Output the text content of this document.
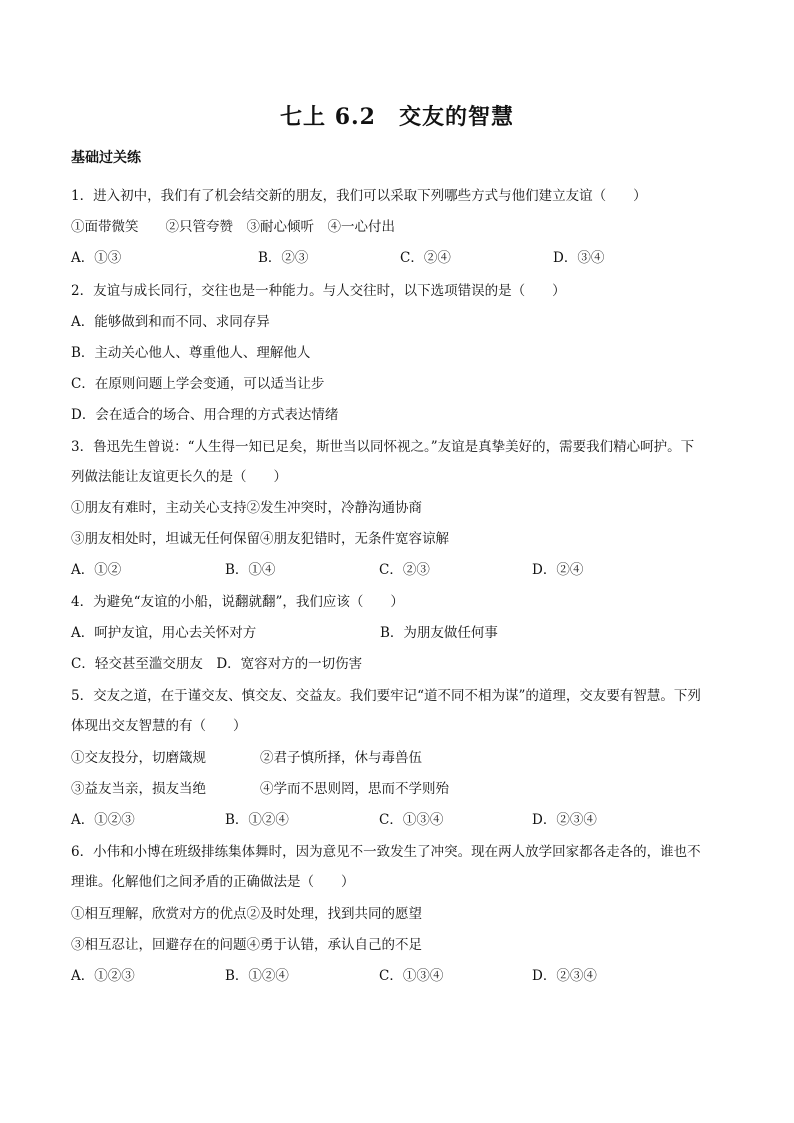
七上 6.2　交友的智慧
基础过关练
1．进入初中，我们有了机会结交新的朋友，我们可以采取下列哪些方式与他们建立友谊（　　）
①面带微笑　　②只管夸赞　③耐心倾听　④一心付出
A．①③	B．②③	C．②④	D．③④
2．友谊与成长同行，交往也是一种能力。与人交往时，以下选项错误的是（　　）
A．能够做到和而不同、求同存异
B．主动关心他人、尊重他人、理解他人
C．在原则问题上学会变通，可以适当让步
D．会在适合的场合、用合理的方式表达情绪
3．鲁迅先生曾说：“人生得一知已足矣，斯世当以同怀视之。”友谊是真挚美好的，需要我们精心呵护。下
列做法能让友谊更长久的是（　　）
①朋友有难时，主动关心支持②发生冲突时，冷静沟通协商
③朋友相处时，坦诚无任何保留④朋友犯错时，无条件宽容谅解
A．①②	B．①④	C．②③	D．②④
4．为避免“友谊的小船，说翻就翻”，我们应该（　　）
A．呵护友谊，用心去关怀对方	B．为朋友做任何事
C．轻交甚至滥交朋友　D．宽容对方的一切伤害
5．交友之道，在于谨交友、慎交友、交益友。我们要牢记“道不同不相为谋”的道理，交友要有智慧。下列
体现出交友智慧的有（　　）
①交友投分，切磨箴规	②君子慎所择，休与毒兽伍
③益友当亲，损友当绝	④学而不思则罔，思而不学则殆
A．①②③	B．①②④	C．①③④	D．②③④
6．小伟和小博在班级排练集体舞时，因为意见不一致发生了冲突。现在两人放学回家都各走各的，谁也不
理谁。化解他们之间矛盾的正确做法是（　　）
①相互理解，欣赏对方的优点②及时处理，找到共同的愿望
③相互忍让，回避存在的问题④勇于认错，承认自己的不足
A．①②③	B．①②④	C．①③④	D．②③④
